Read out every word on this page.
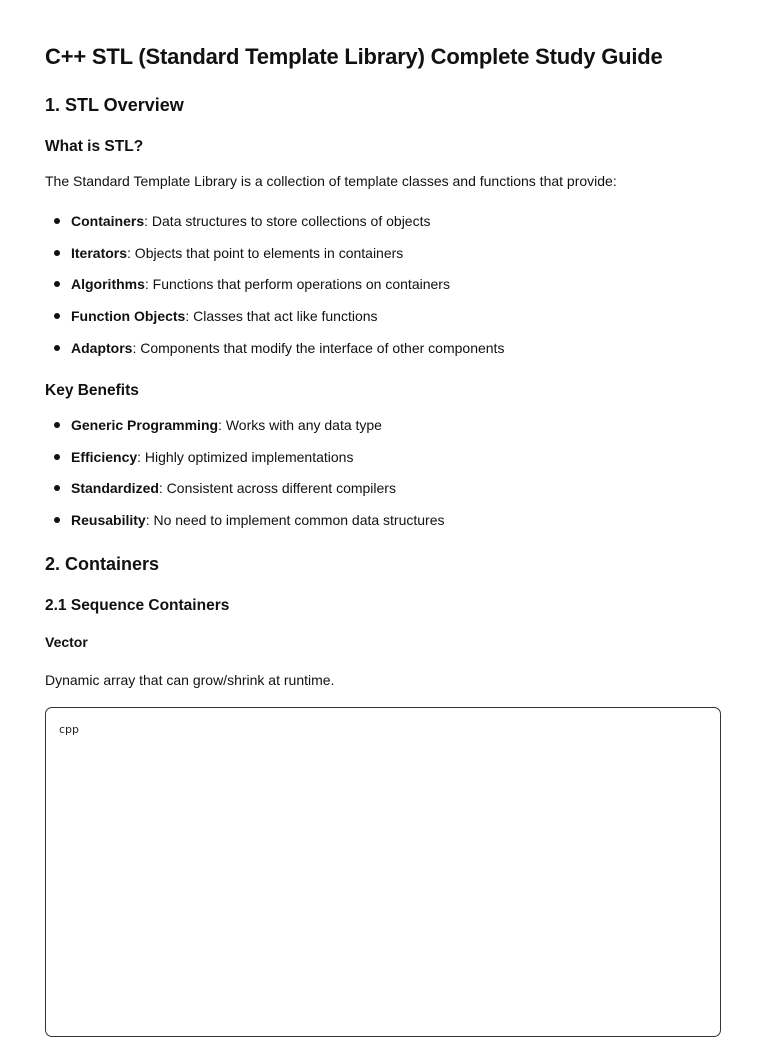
C++ STL (Standard Template Library) Complete Study Guide
1. STL Overview
What is STL?

The Standard Template Library is a collection of template classes and functions that provide:

Containers: Data structures to store collections of objects
Iterators: Objects that point to elements in containers
Algorithms: Functions that perform operations on containers
Function Objects: Classes that act like functions
Adaptors: Components that modify the interface of other components
Key Benefits
Generic Programming: Works with any data type
Efficiency: Highly optimized implementations
Standardized: Consistent across different compilers
Reusability: No need to implement common data structures
2. Containers
2.1 Sequence Containers
Vector

Dynamic array that can grow/shrink at runtime.

cpp
